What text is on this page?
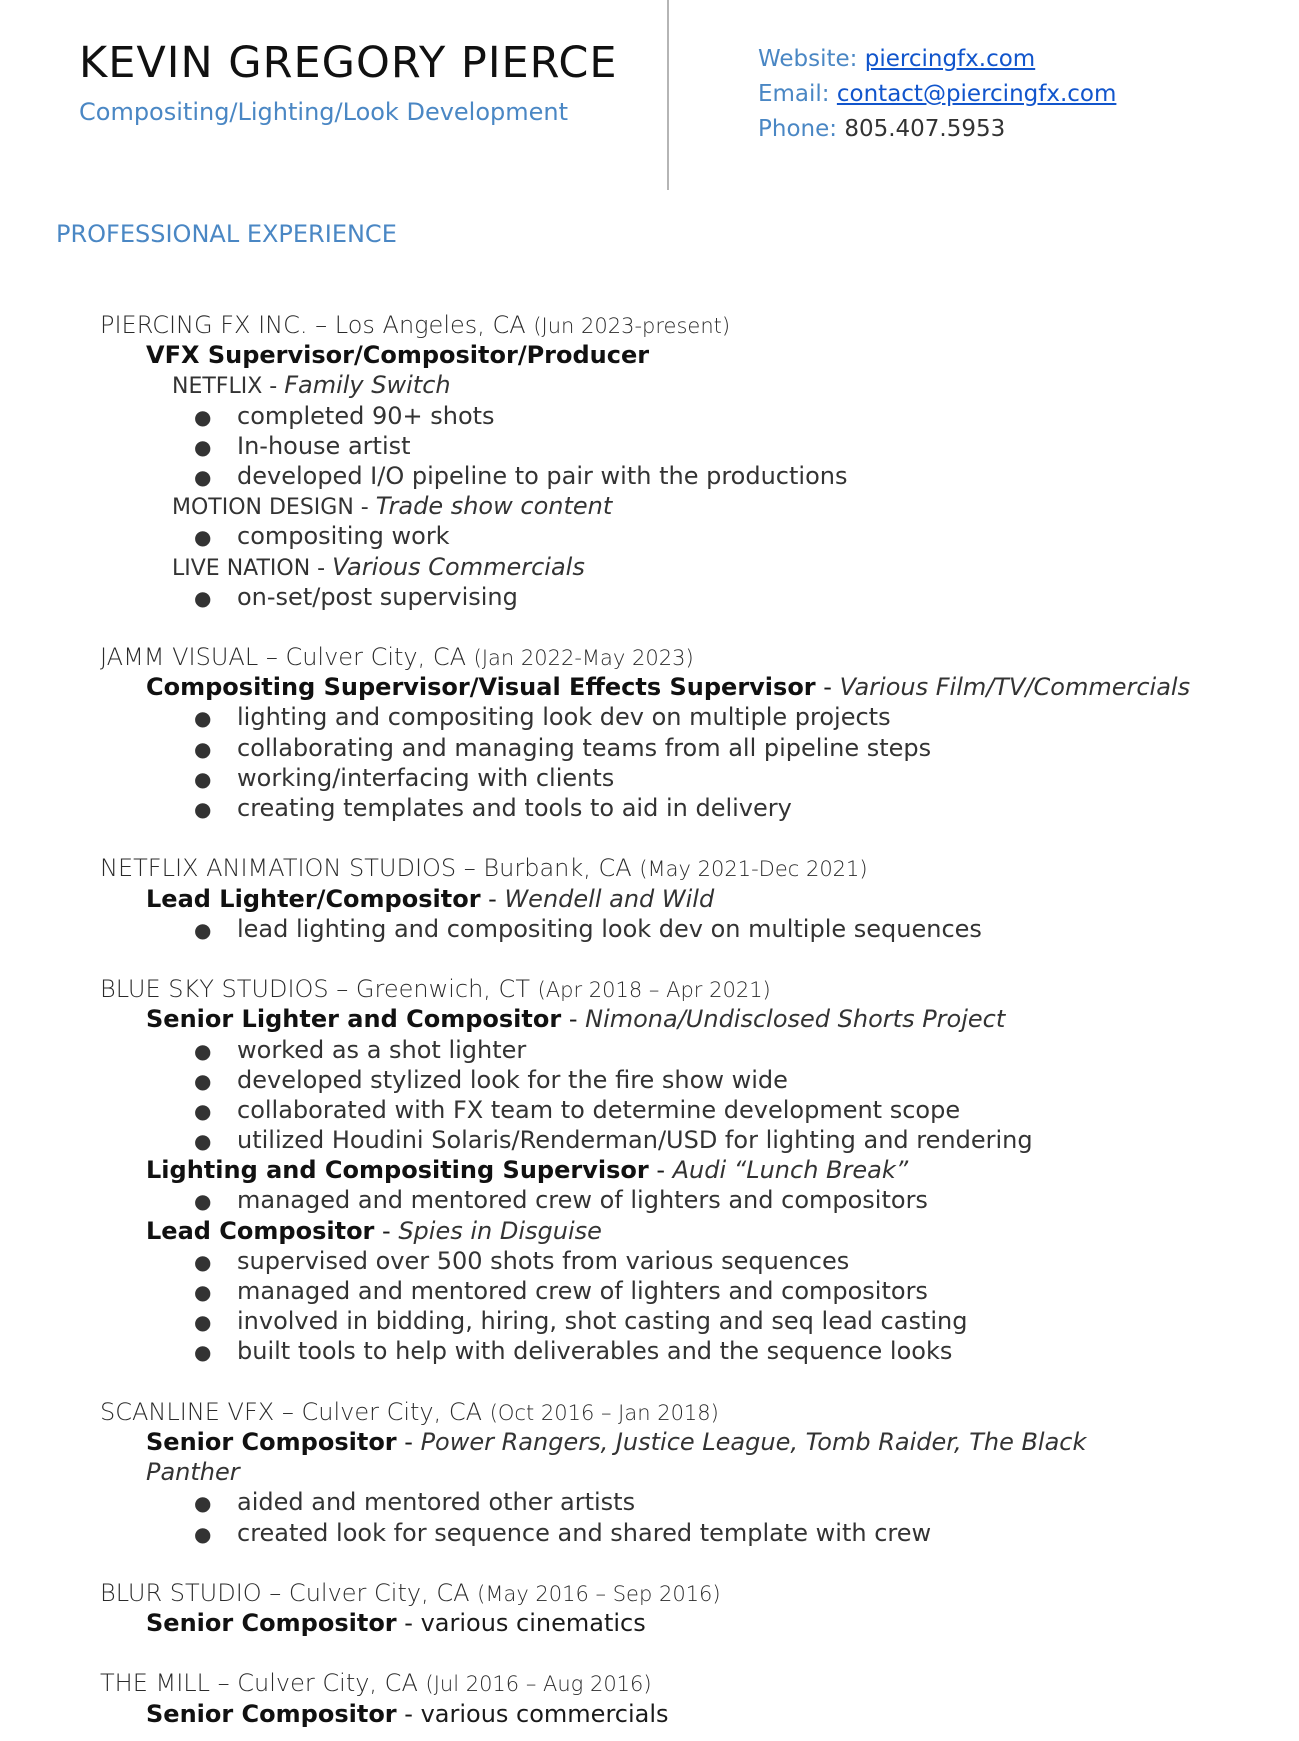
KEVIN GREGORY PIERCE
Compositing/Lighting/Look Development
Website: piercingfx.com
Email: contact@piercingfx.com
Phone: 805.407.5953
PROFESSIONAL EXPERIENCE
PIERCING FX INC. – Los Angeles, CA (Jun 2023-present)
VFX Supervisor/Compositor/Producer
NETFLIX - Family Switch
● completed 90+ shots
● In-house artist
● developed I/O pipeline to pair with the productions
MOTION DESIGN - Trade show content
● compositing work
LIVE NATION - Various Commercials
● on-set/post supervising
JAMM VISUAL – Culver City, CA (Jan 2022-May 2023)
Compositing Supervisor/Visual Effects Supervisor - Various Film/TV/Commercials
● lighting and compositing look dev on multiple projects
● collaborating and managing teams from all pipeline steps
● working/interfacing with clients
● creating templates and tools to aid in delivery
NETFLIX ANIMATION STUDIOS – Burbank, CA (May 2021-Dec 2021)
Lead Lighter/Compositor - Wendell and Wild
● lead lighting and compositing look dev on multiple sequences
BLUE SKY STUDIOS – Greenwich, CT (Apr 2018 – Apr 2021)
Senior Lighter and Compositor - Nimona/Undisclosed Shorts Project
● worked as a shot lighter
● developed stylized look for the fire show wide
● collaborated with FX team to determine development scope
● utilized Houdini Solaris/Renderman/USD for lighting and rendering
Lighting and Compositing Supervisor - Audi “Lunch Break”
● managed and mentored crew of lighters and compositors
Lead Compositor - Spies in Disguise
● supervised over 500 shots from various sequences
● managed and mentored crew of lighters and compositors
● involved in bidding, hiring, shot casting and seq lead casting
● built tools to help with deliverables and the sequence looks
SCANLINE VFX – Culver City, CA (Oct 2016 – Jan 2018)
Senior Compositor - Power Rangers, Justice League, Tomb Raider, The Black
Panther
● aided and mentored other artists
● created look for sequence and shared template with crew
BLUR STUDIO – Culver City, CA (May 2016 – Sep 2016)
Senior Compositor - various cinematics
THE MILL – Culver City, CA (Jul 2016 – Aug 2016)
Senior Compositor - various commercials
